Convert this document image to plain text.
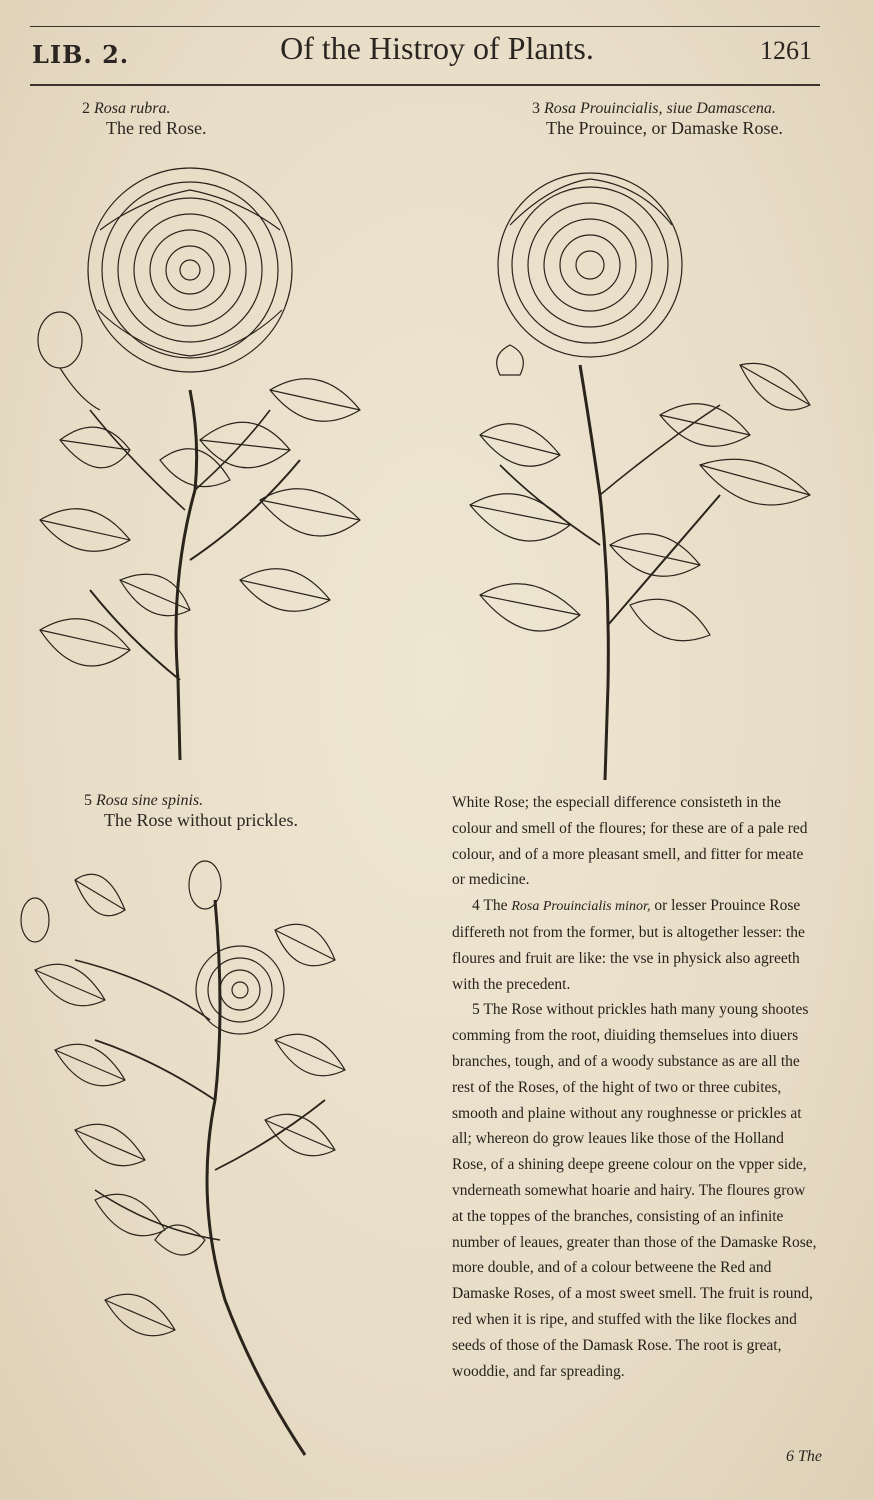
LIB. 2.	Of the Histroy of Plants.	1261
2 Rosa rubra.
The red Rose.
3 Rosa Prouincialis, siue Damascena.
The Prouince, or Damaske Rose.
5 Rosa sine spinis.
The Rose without prickles.

White Rose; the especiall difference consisteth in the colour and smell of the floures; for these are of a pale red colour, and of a more pleasant smell, and fitter for meate or medicine.

4 The Rosa Prouincialis minor, or lesser Prouince Rose differeth not from the former, but is altogether lesser: the floures and fruit are like: the vse in physick also agreeth with the precedent.

5 The Rose without prickles hath many young shootes comming from the root, diuiding themselues into diuers branches, tough, and of a woody substance as are all the rest of the Roses, of the hight of two or three cubites, smooth and plaine without any roughnesse or prickles at all; whereon do grow leaues like those of the Holland Rose, of a shining deepe greene colour on the vpper side, vnderneath somewhat hoarie and hairy. The floures grow at the toppes of the branches, consisting of an infinite number of leaues, greater than those of the Damaske Rose, more double, and of a colour betweene the Red and Damaske Roses, of a most sweet smell. The fruit is round, red when it is ripe, and stuffed with the like flockes and seeds of those of the Damask Rose. The root is great, wooddie, and far spreading.

6 The
